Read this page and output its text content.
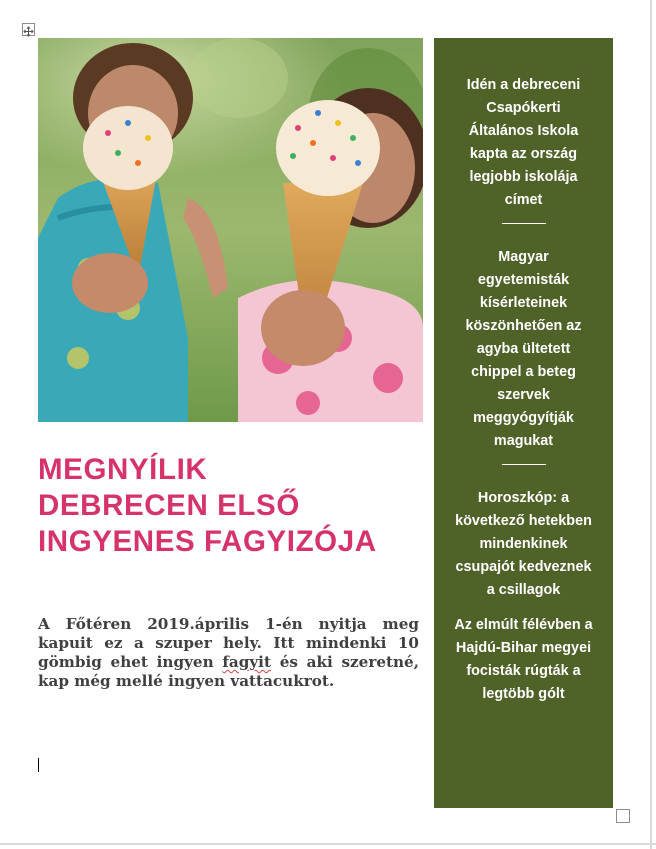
MEGNYÍLIK
DEBRECEN ELSŐ
INGYENES FAGYIZÓJA

A Főtéren 2019.április 1-én nyitja meg kapuit ez a szuper hely. Itt mindenki 10 gömbig ehet ingyen fagyit és aki szeretné, kap még mellé ingyen vattacukrot.

Idén a debreceni Csapókerti Általános Iskola kapta az ország legjobb iskolája címet

Magyar egyetemisták kísérleteinek köszönhetően az agyba ültetett chippel a beteg szervek meggyógyítják magukat

Horoszkóp: a következő hetekben mindenkinek csupajót kedveznek a csillagok

Az elmúlt félévben a Hajdú-Bihar megyei focisták rúgták a legtöbb gólt
